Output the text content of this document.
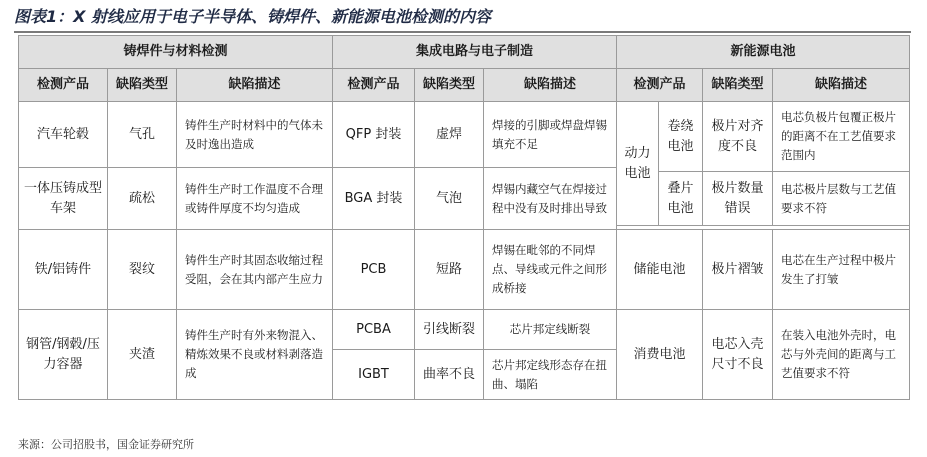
图表1：X 射线应用于电子半导体、铸焊件、新能源电池检测的内容
铸焊件与材料检测			集成电路与电子制造			新能源电池			
检测产品	缺陷类型	缺陷描述	检测产品	缺陷类型	缺陷描述	检测产品		缺陷类型	缺陷描述
汽车轮毂	气孔	铸件生产时材料中的气体未及时逸出造成	QFP 封装	虚焊	焊接的引脚或焊盘焊锡填充不足	动力电池	卷绕电池	极片对齐度不良	电芯负极片包覆正极片的距离不在工艺值要求范围内

一体压铸成型车架	疏松	铸件生产时工作温度不合理或铸件厚度不均匀造成	BGA 封装	气泡	焊锡内藏空气在焊接过程中没有及时排出导致				
							叠片电池	极片数量错误	电芯极片层数与工艺值要求不符

铁/铝铸件	裂纹	铸件生产时其固态收缩过程受阻，会在其内部产生应力	PCB	短路	焊锡在毗邻的不同焊点、导线或元件之间形成桥接	储能电池		极片褶皱	电芯在生产过程中极片发生了打皱
钢管/钢毂/压力容器	夹渣	铸件生产时有外来物混入、精炼效果不良或材料剥落造成	PCBA	引线断裂	芯片邦定线断裂	消费电池		电芯入壳尺寸不良	在装入电池外壳时，电芯与外壳间的距离与工艺值要求不符
			IGBT	曲率不良	芯片邦定线形态存在扭曲、塌陷				
来源：公司招股书，国金证券研究所
